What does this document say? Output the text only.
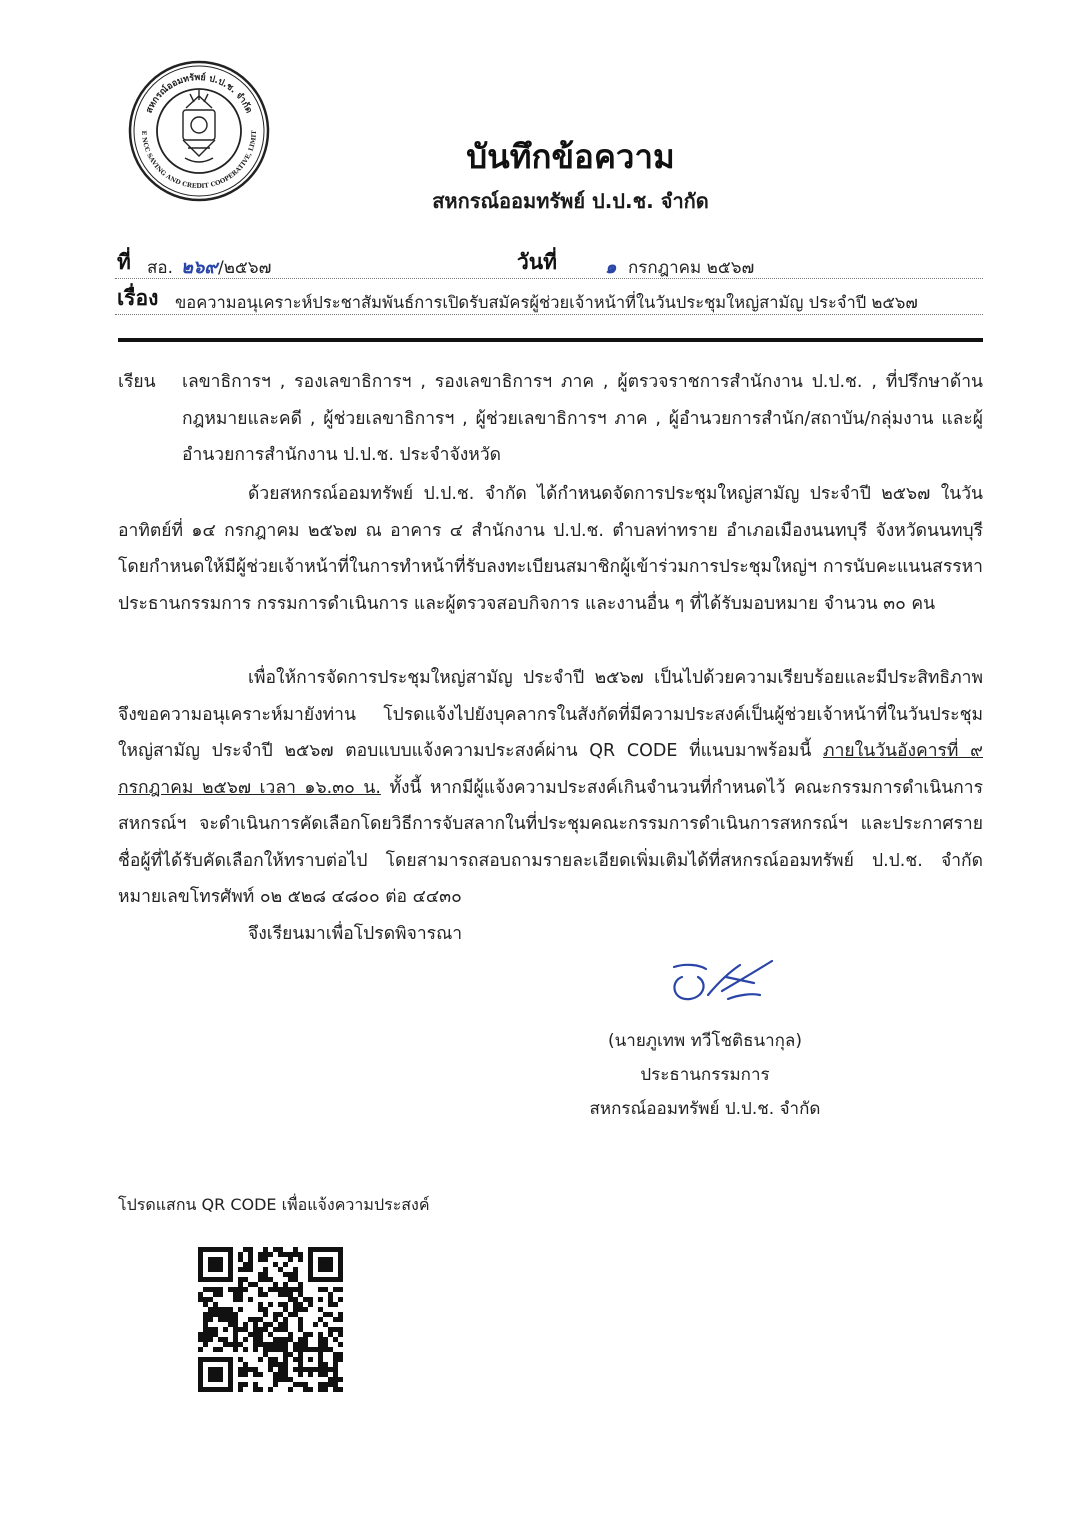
สหกรณ์ออมทรัพย์ ป.ป.ช. จำกัด
E NCC SAVING AND CREDIT COOPERATIVE, LIMIT
บันทึกข้อความ
สหกรณ์ออมทรัพย์ ป.ป.ช. จำกัด
ที่ สอ. ๒๖๙ /๒๕๖๗	วันที่	๑ กรกฎาคม ๒๕๖๗
เรื่อง ขอความอนุเคราะห์ประชาสัมพันธ์การเปิดรับสมัครผู้ช่วยเจ้าหน้าที่ในวันประชุมใหญ่สามัญ ประจำปี ๒๕๖๗
เรียน เลขาธิการฯ , รองเลขาธิการฯ , รองเลขาธิการฯ ภาค , ผู้ตรวจราชการสำนักงาน ป.ป.ช. , ที่ปรึกษาด้านกฎหมายและคดี , ผู้ช่วยเลขาธิการฯ , ผู้ช่วยเลขาธิการฯ ภาค , ผู้อำนวยการสำนัก/สถาบัน/กลุ่มงาน และผู้อำนวยการสำนักงาน ป.ป.ช. ประจำจังหวัด
ด้วยสหกรณ์ออมทรัพย์ ป.ป.ช. จำกัด ได้กำหนดจัดการประชุมใหญ่สามัญ ประจำปี ๒๕๖๗ ในวันอาทิตย์ที่ ๑๔ กรกฎาคม ๒๕๖๗ ณ อาคาร ๔ สำนักงาน ป.ป.ช. ตำบลท่าทราย อำเภอเมืองนนทบุรี จังหวัดนนทบุรี โดยกำหนดให้มีผู้ช่วยเจ้าหน้าที่ในการทำหน้าที่รับลงทะเบียนสมาชิกผู้เข้าร่วมการประชุมใหญ่ฯ การนับคะแนนสรรหาประธานกรรมการ กรรมการดำเนินการ และผู้ตรวจสอบกิจการ และงานอื่น ๆ ที่ได้รับมอบหมาย จำนวน ๓๐ คน
เพื่อให้การจัดการประชุมใหญ่สามัญ ประจำปี ๒๕๖๗ เป็นไปด้วยความเรียบร้อยและมีประสิทธิภาพ จึงขอความอนุเคราะห์มายังท่าน โปรดแจ้งไปยังบุคลากรในสังกัดที่มีความประสงค์เป็นผู้ช่วยเจ้าหน้าที่ในวันประชุมใหญ่สามัญ ประจำปี ๒๕๖๗ ตอบแบบแจ้งความประสงค์ผ่าน QR CODE ที่แนบมาพร้อมนี้ ภายในวันอังคารที่ ๙ กรกฎาคม ๒๕๖๗ เวลา ๑๖.๓๐ น. ทั้งนี้ หากมีผู้แจ้งความประสงค์เกินจำนวนที่กำหนดไว้ คณะกรรมการดำเนินการสหกรณ์ฯ จะดำเนินการคัดเลือกโดยวิธีการจับสลากในที่ประชุมคณะกรรมการดำเนินการสหกรณ์ฯ และประกาศรายชื่อผู้ที่ได้รับคัดเลือกให้ทราบต่อไป โดยสามารถสอบถามรายละเอียดเพิ่มเติมได้ที่สหกรณ์ออมทรัพย์ ป.ป.ช. จำกัด หมายเลขโทรศัพท์ ๐๒ ๕๒๘ ๔๘๐๐ ต่อ ๔๔๓๐
จึงเรียนมาเพื่อโปรดพิจารณา
(นายภูเทพ ทวีโชติธนากุล)
ประธานกรรมการ
สหกรณ์ออมทรัพย์ ป.ป.ช. จำกัด
โปรดแสกน QR CODE เพื่อแจ้งความประสงค์
